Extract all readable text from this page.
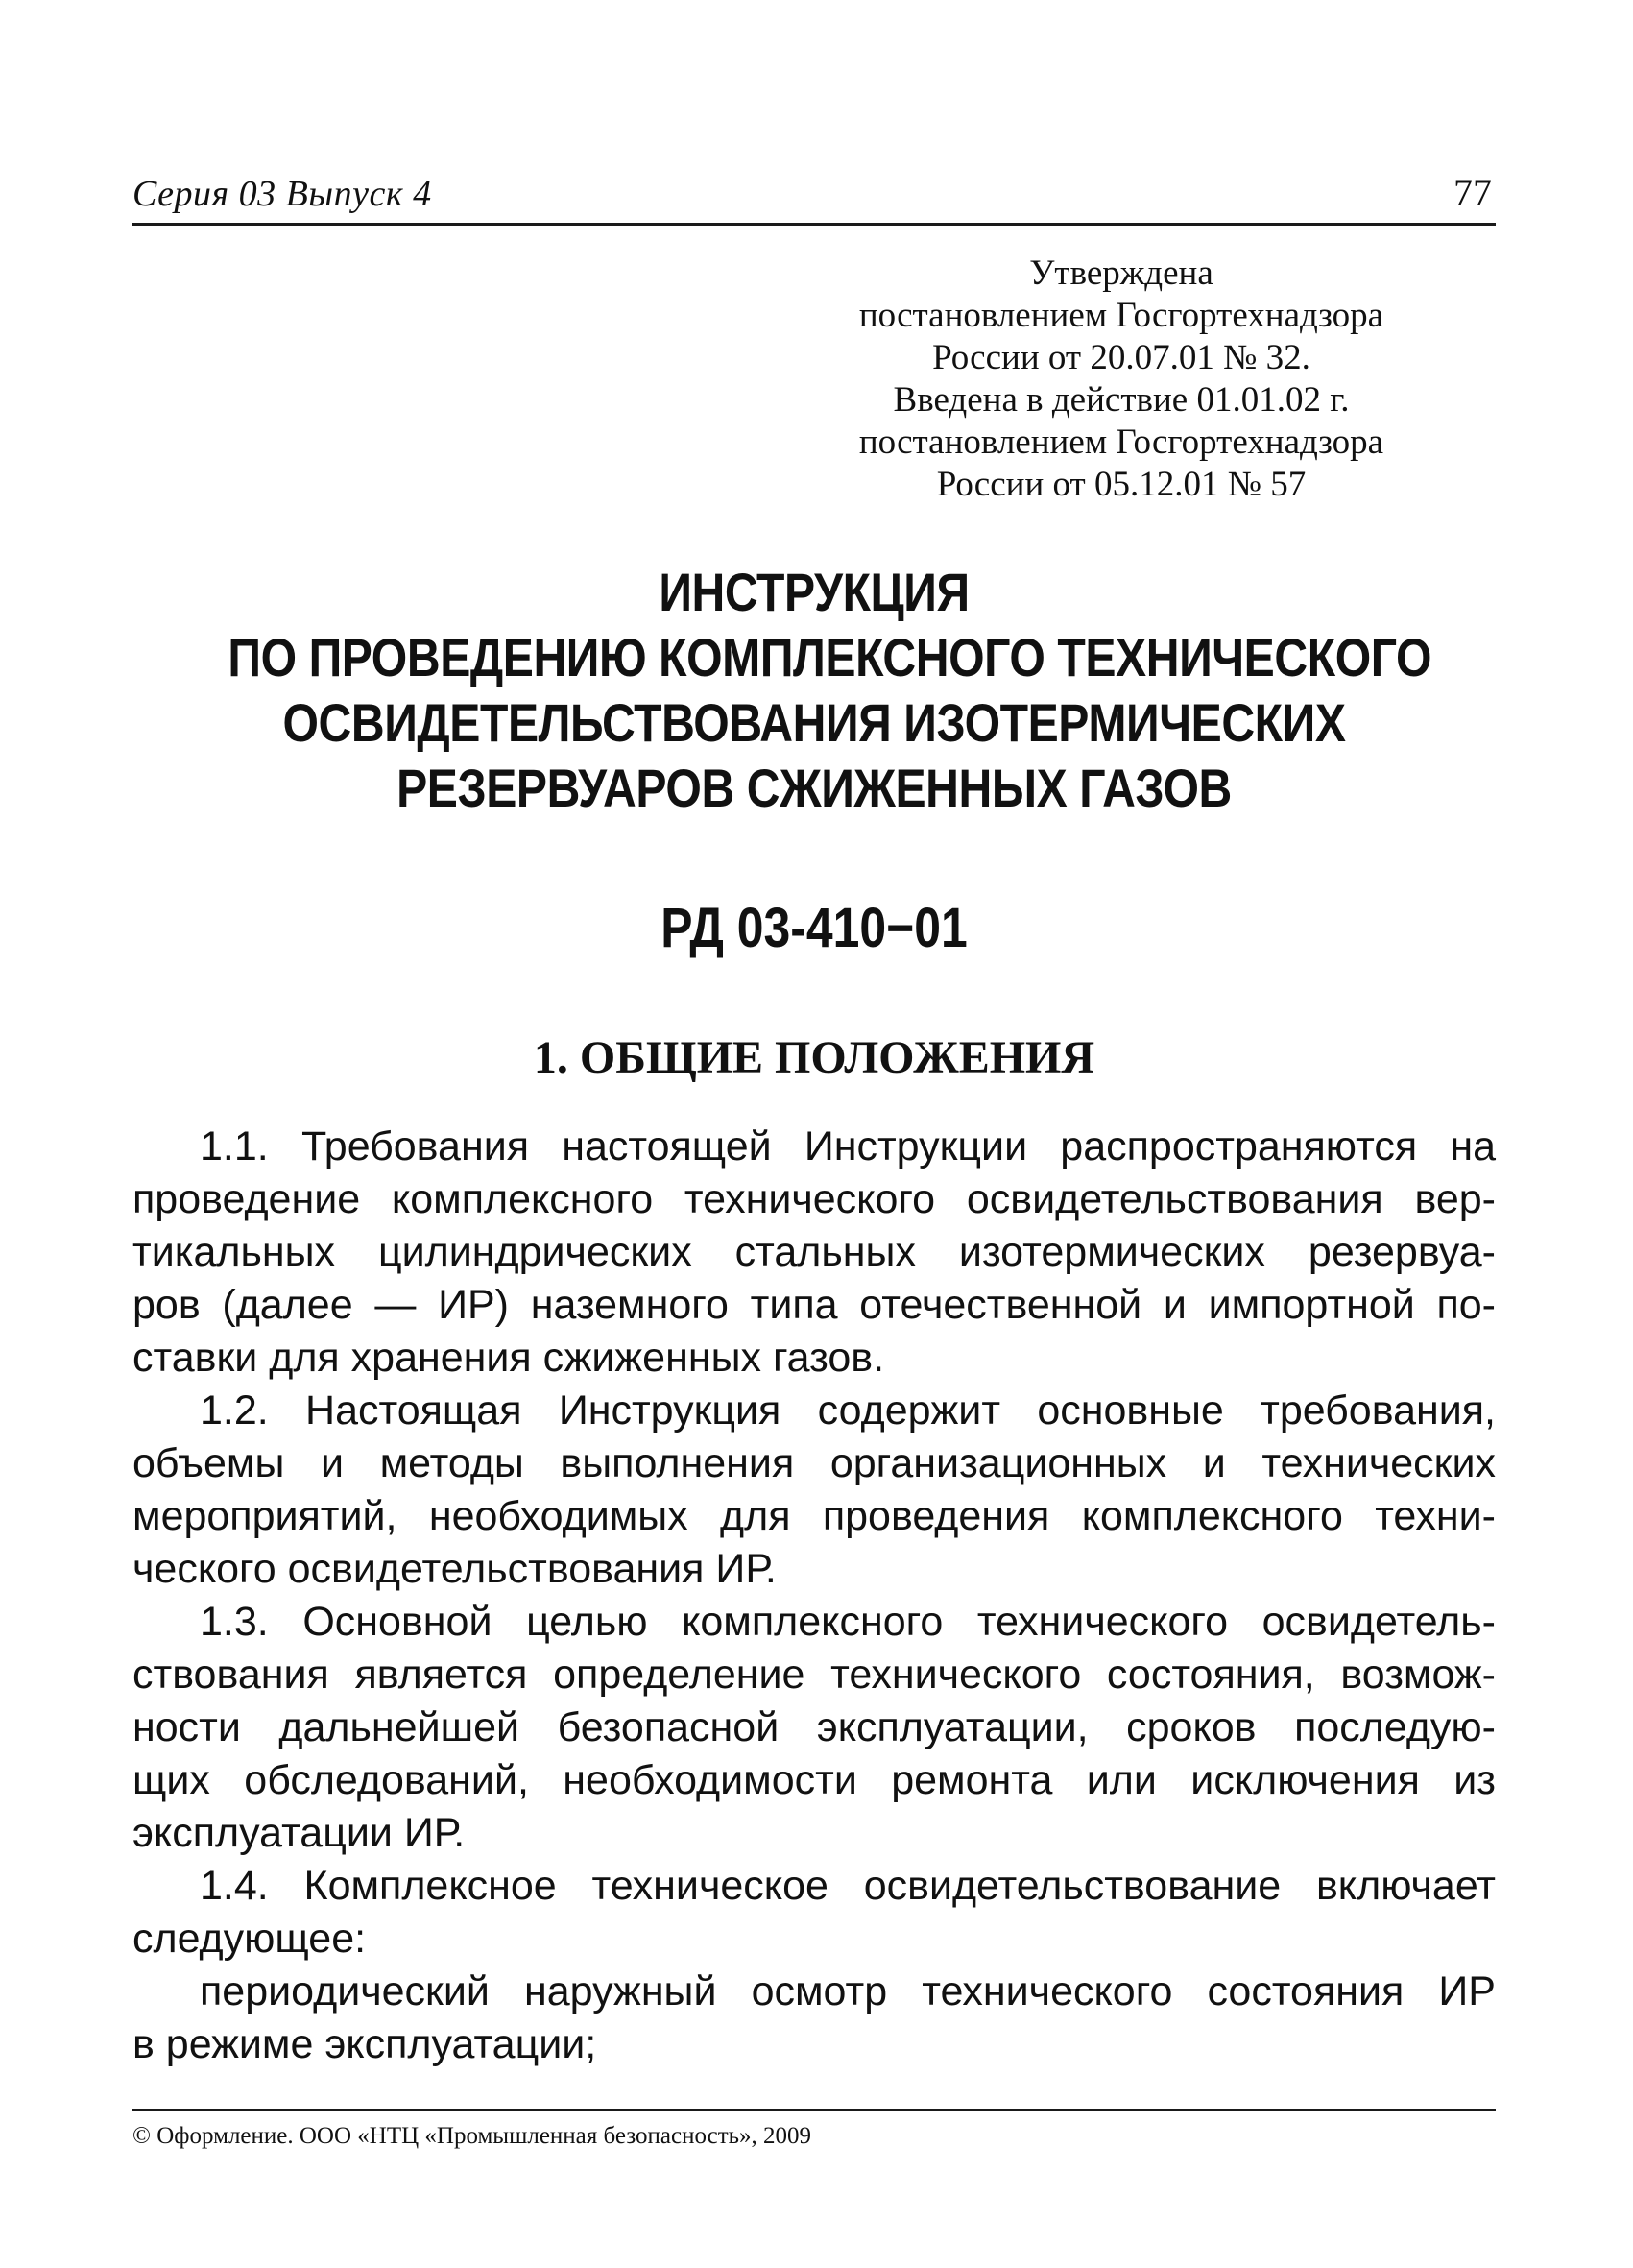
Серия 03 Выпуск 4	77
Утверждена
постановлением Госгортехнадзора
России от 20.07.01 № 32.
Введена в действие 01.01.02 г.
постановлением Госгортехнадзора
России от 05.12.01 № 57
ИНСТРУКЦИЯ
ПО ПРОВЕДЕНИЮ КОМПЛЕКСНОГО ТЕХНИЧЕСКОГО
ОСВИДЕТЕЛЬСТВОВАНИЯ ИЗОТЕРМИЧЕСКИХ
РЕЗЕРВУАРОВ СЖИЖЕННЫХ ГАЗОВ
РД 03-410−01
1. ОБЩИЕ ПОЛОЖЕНИЯ
1.1. Требования настоящей Инструкции распространяются на
проведение комплексного технического освидетельствования вер-
тикальных цилиндрических стальных изотермических резервуа-
ров (далее — ИР) наземного типа отечественной и импортной по-
ставки для хранения сжиженных газов.
1.2. Настоящая Инструкция содержит основные требования,
объемы и методы выполнения организационных и технических
мероприятий, необходимых для проведения комплексного техни-
ческого освидетельствования ИР.
1.3. Основной целью комплексного технического освидетель-
ствования является определение технического состояния, возмож-
ности дальнейшей безопасной эксплуатации, сроков последую-
щих обследований, необходимости ремонта или исключения из
эксплуатации ИР.
1.4. Комплексное техническое освидетельствование включает
следующее:
периодический наружный осмотр технического состояния ИР
в режиме эксплуатации;
© Оформление. ООО «НТЦ «Промышленная безопасность», 2009
